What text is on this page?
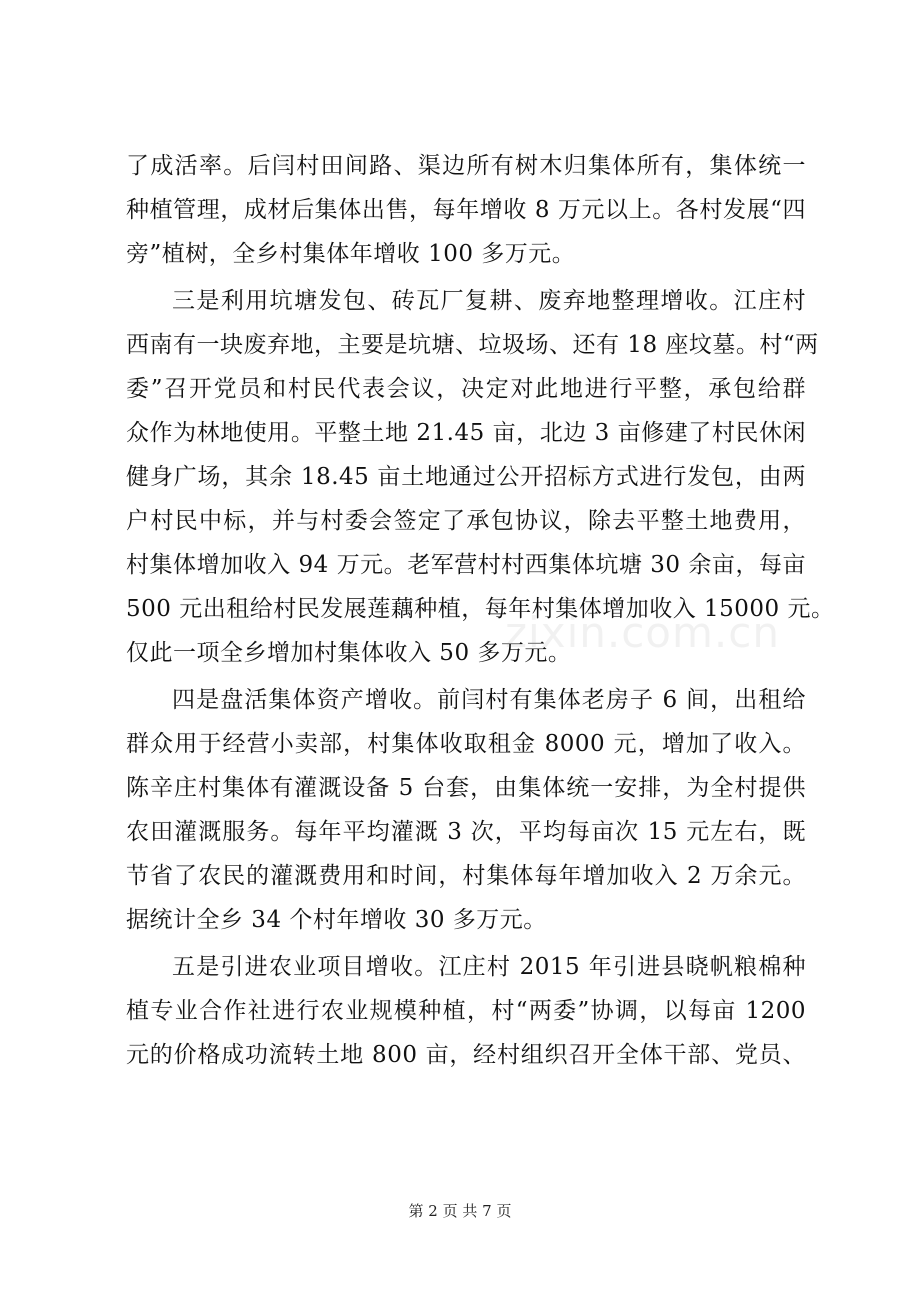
了成活率。后闫村田间路、渠边所有树木归集体所有，集体统一
种植管理，成材后集体出售，每年增收 8 万元以上。各村发展“四
旁”植树，全乡村集体年增收 100 多万元。
三是利用坑塘发包、砖瓦厂复耕、废弃地整理增收。江庄村
西南有一块废弃地，主要是坑塘、垃圾场、还有 18 座坟墓。村“两
委”召开党员和村民代表会议，决定对此地进行平整，承包给群
众作为林地使用。平整土地 21.45 亩，北边 3 亩修建了村民休闲
健身广场，其余 18.45 亩土地通过公开招标方式进行发包，由两
户村民中标，并与村委会签定了承包协议，除去平整土地费用，
村集体增加收入 94 万元。老军营村村西集体坑塘 30 余亩，每亩
500 元出租给村民发展莲藕种植，每年村集体增加收入 15000 元。
仅此一项全乡增加村集体收入 50 多万元。
四是盘活集体资产增收。前闫村有集体老房子 6 间，出租给
群众用于经营小卖部，村集体收取租金 8000 元，增加了收入。
陈辛庄村集体有灌溉设备 5 台套，由集体统一安排，为全村提供
农田灌溉服务。每年平均灌溉 3 次，平均每亩次 15 元左右，既
节省了农民的灌溉费用和时间，村集体每年增加收入 2 万余元。
据统计全乡 34 个村年增收 30 多万元。
五是引进农业项目增收。江庄村 2015 年引进县晓帆粮棉种
植专业合作社进行农业规模种植，村“两委”协调，以每亩 1200
元的价格成功流转土地 800 亩，经村组织召开全体干部、党员、
zixin.com.cn
第 2 页 共 7 页
